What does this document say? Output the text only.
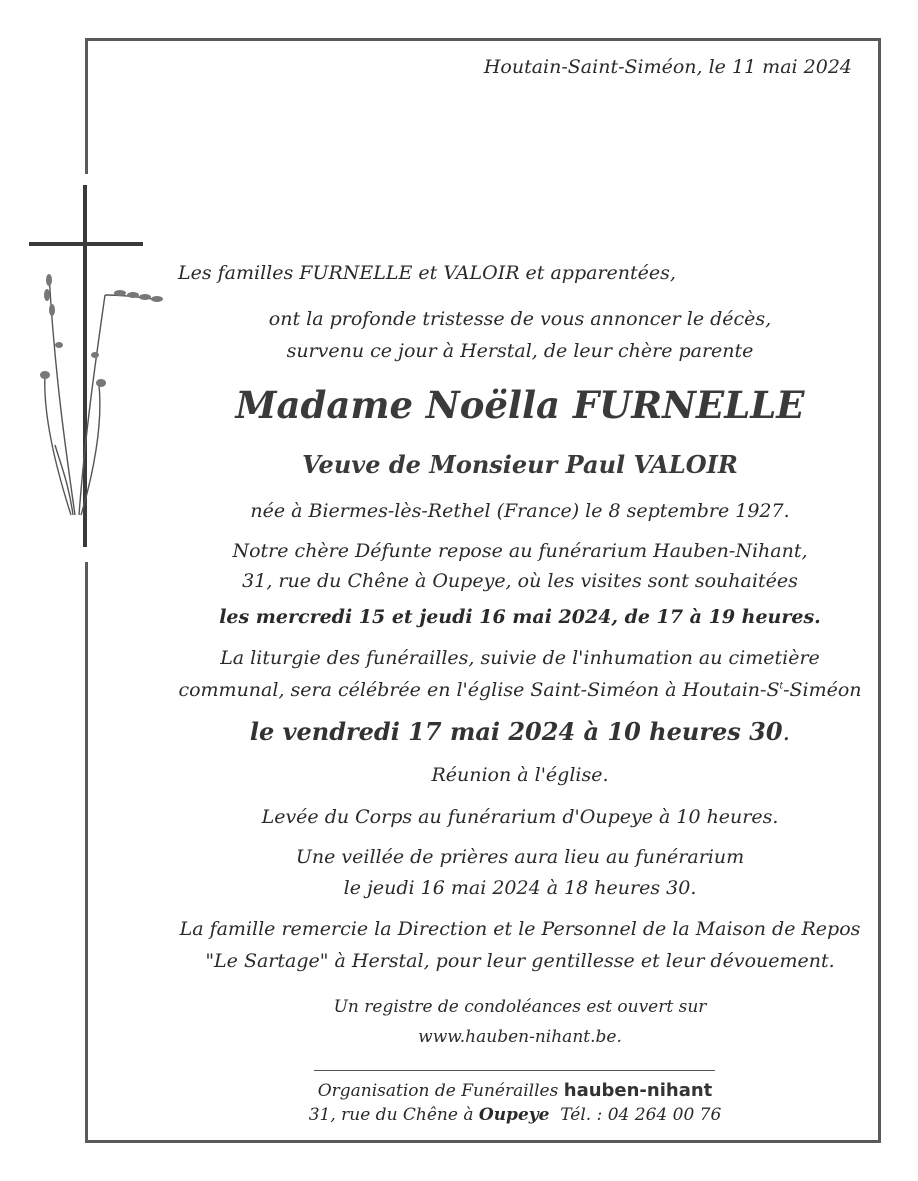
Houtain-Saint-Siméon, le 11 mai 2024

Les familles FURNELLE et VALOIR et apparentées,

ont la profonde tristesse de vous annoncer le décès,

survenu ce jour à Herstal, de leur chère parente

Madame Noëlla FURNELLE

Veuve de Monsieur Paul VALOIR

née à Biermes-lès-Rethel (France) le 8 septembre 1927.

Notre chère Défunte repose au funérarium Hauben-Nihant,

31, rue du Chêne à Oupeye, où les visites sont souhaitées

les mercredi 15 et jeudi 16 mai 2024, de 17 à 19 heures.

La liturgie des funérailles, suivie de l'inhumation au cimetière

communal, sera célébrée en l'église Saint-Siméon à Houtain-$S^t$-Siméon

le vendredi 17 mai 2024 à 10 heures 30.

Réunion à l'église.

Levée du Corps au funérarium d'Oupeye à 10 heures.

Une veillée de prières aura lieu au funérarium

le jeudi 16 mai 2024 à 18 heures 30.

La famille remercie la Direction et le Personnel de la Maison de Repos

"Le Sartage" à Herstal, pour leur gentillesse et leur dévouement.

Un registre de condoléances est ouvert sur

www.hauben-nihant.be.

Organisation de Funérailles hauben-nihant

31, rue du Chêne à Oupeye Tél. : 04 264 00 76
